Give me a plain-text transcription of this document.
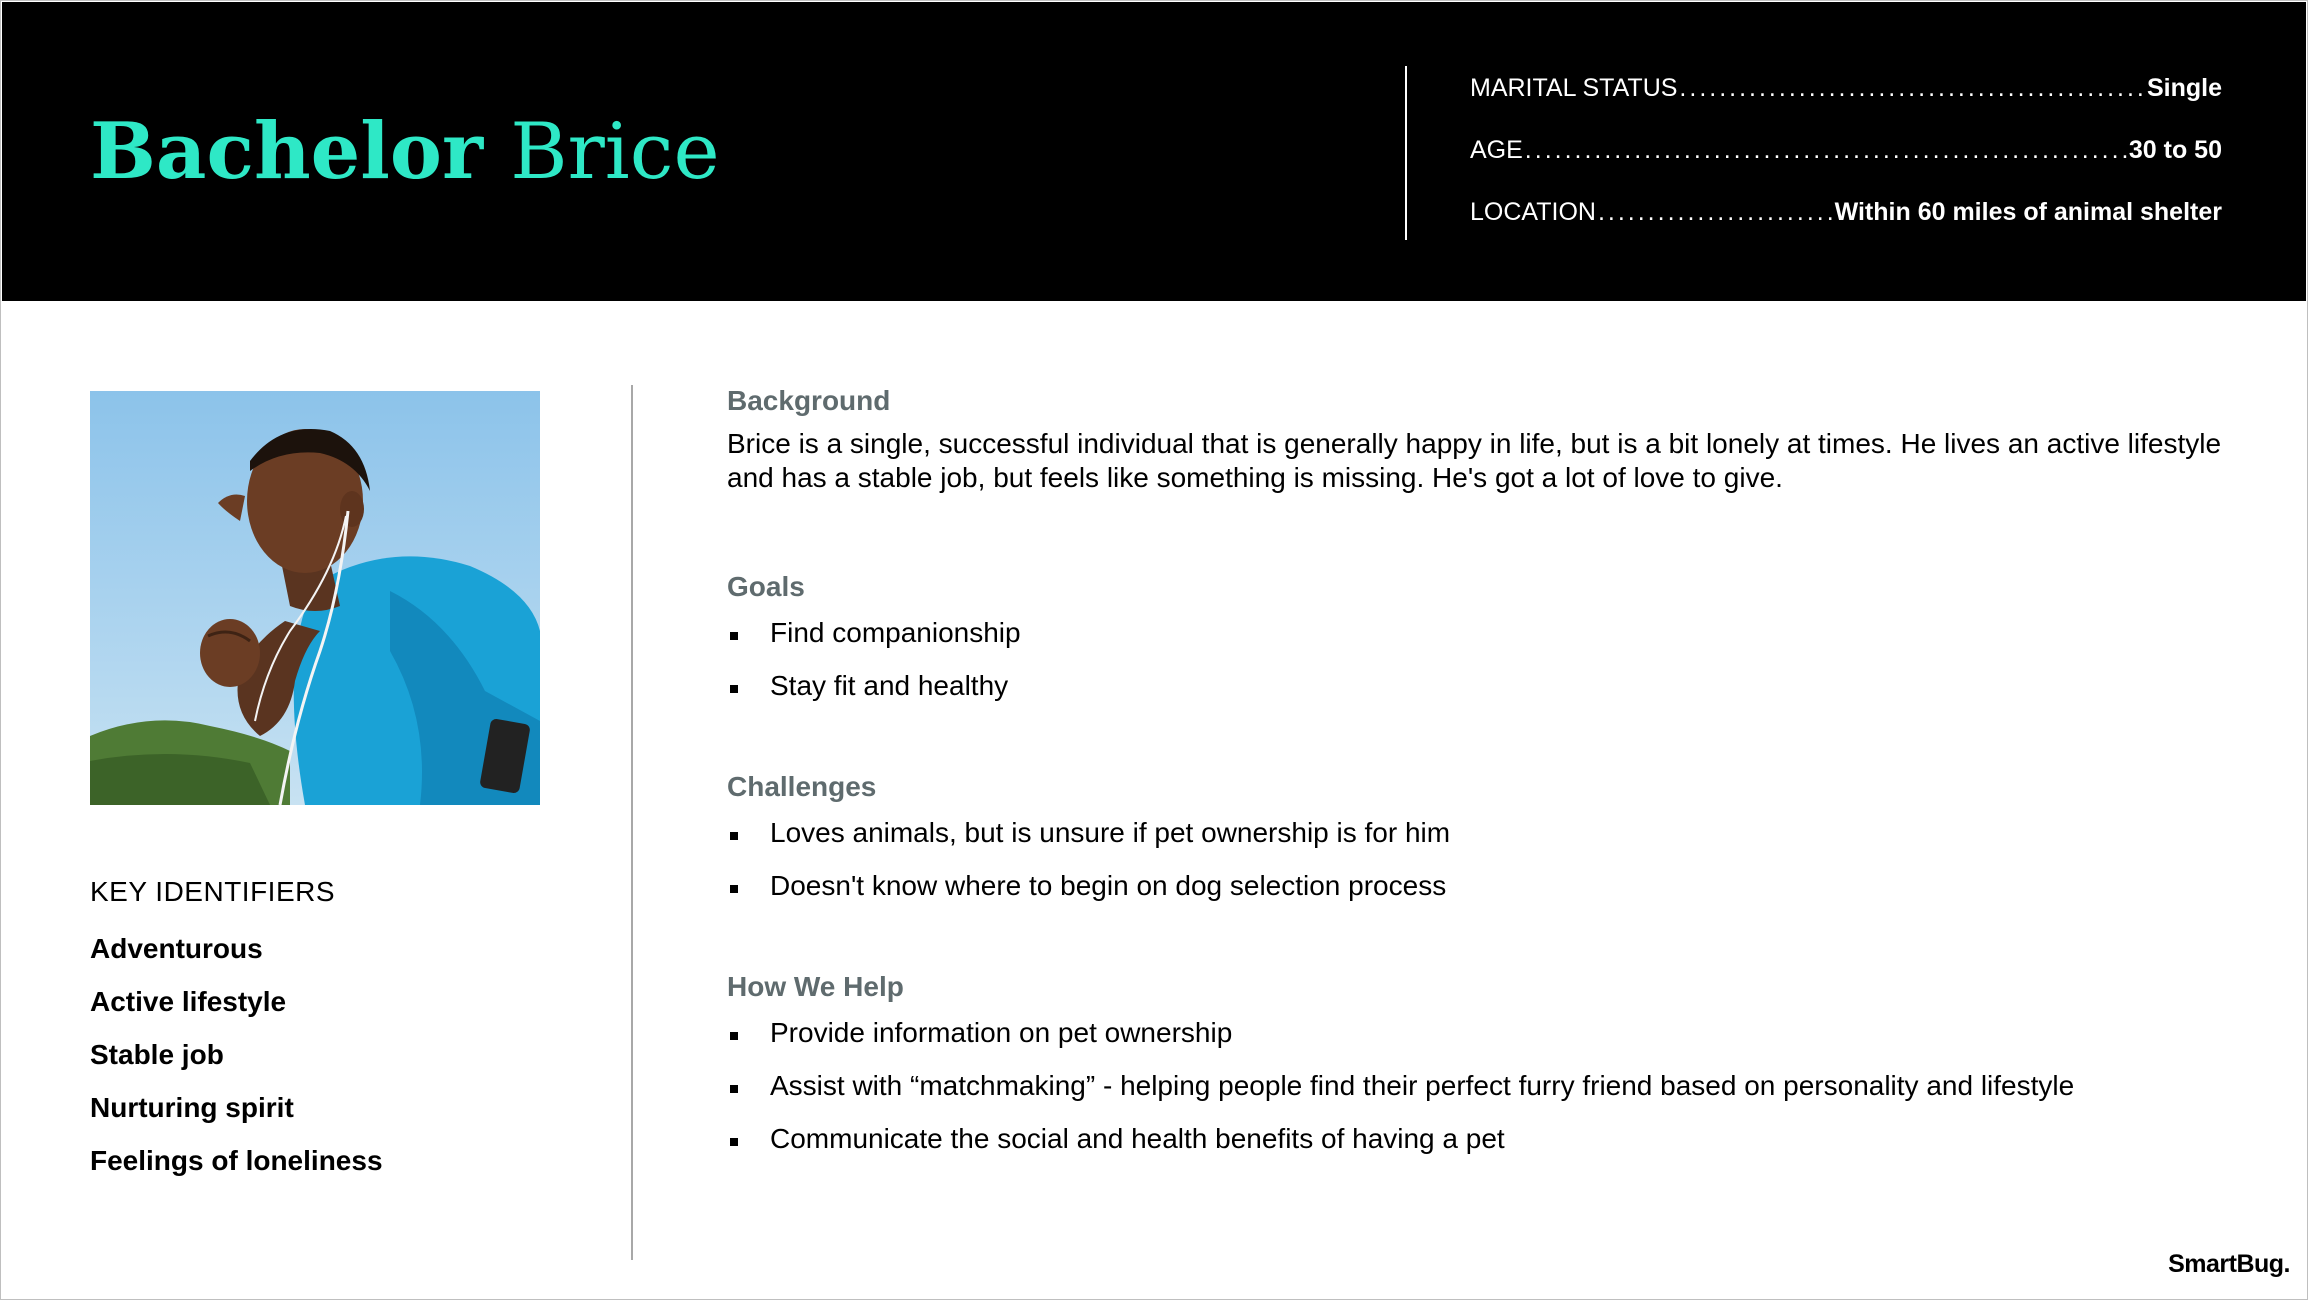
Bachelor Brice
MARITAL STATUS .....	Single
AGE .....	30 to 50
LOCATION .....	Within 60 miles of animal shelter
KEY IDENTIFIERS
Adventurous
Active lifestyle
Stable job
Nurturing spirit
Feelings of loneliness
Background

Brice is a single, successful individual that is generally happy in life, but is a bit lonely at times. He lives an active lifestyle and has a stable job, but feels like something is missing. He's got a lot of love to give.

Goals
Find companionship
Stay fit and healthy
Challenges
Loves animals, but is unsure if pet ownership is for him
Doesn't know where to begin on dog selection process
How We Help
Provide information on pet ownership
Assist with “matchmaking” - helping people find their perfect furry friend based on personality and lifestyle
Communicate the social and health benefits of having a pet
SmartBug.
